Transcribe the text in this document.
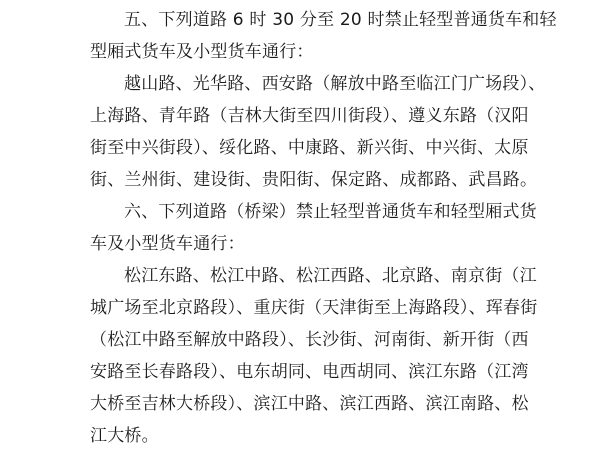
五、下列道路 6 时 30 分至 20 时禁止轻型普通货车和轻
型厢式货车及小型货车通行：
越山路、光华路、西安路（解放中路至临江门广场段）、
上海路、青年路（吉林大街至四川街段）、遵义东路（汉阳
街至中兴街段）、绥化路、中康路、新兴街、中兴街、太原
街、兰州街、建设街、贵阳街、保定路、成都路、武昌路。
六、下列道路（桥梁）禁止轻型普通货车和轻型厢式货
车及小型货车通行：
松江东路、松江中路、松江西路、北京路、南京街（江
城广场至北京路段）、重庆街（天津街至上海路段）、珲春街
（松江中路至解放中路段）、长沙街、河南街、新开街（西
安路至长春路段）、电东胡同、电西胡同、滨江东路（江湾
大桥至吉林大桥段）、滨江中路、滨江西路、滨江南路、松
江大桥。
